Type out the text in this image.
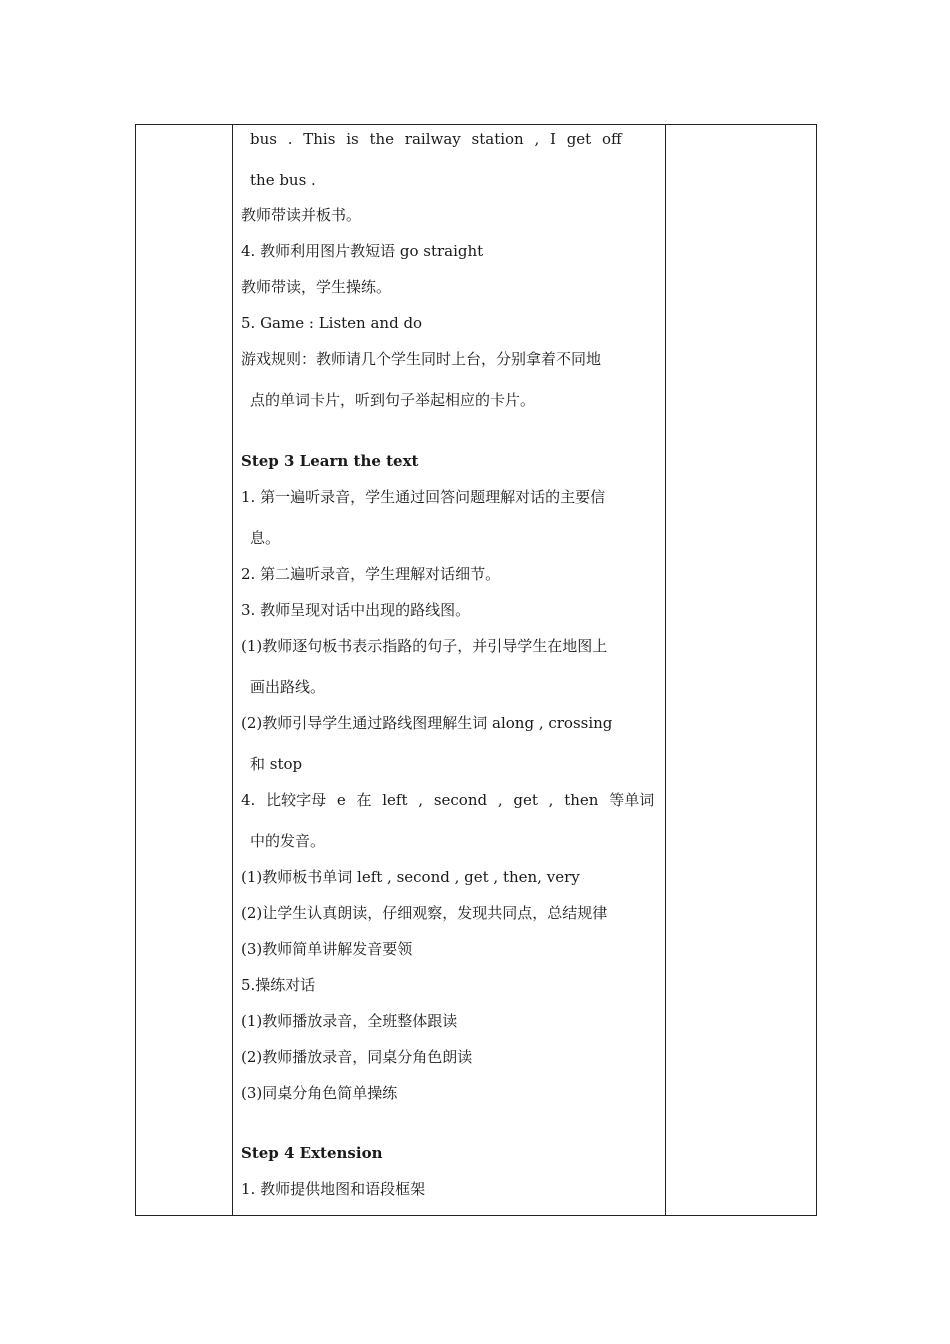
bus . This is the railway station , I get off
the bus .
教师带读并板书。
4. 教师利用图片教短语 go straight
教师带读，学生操练。
5. Game : Listen and do
游戏规则：教师请几个学生同时上台，分别拿着不同地
点的单词卡片，听到句子举起相应的卡片。
Step 3 Learn the text
1. 第一遍听录音，学生通过回答问题理解对话的主要信
息。
2. 第二遍听录音，学生理解对话细节。
3. 教师呈现对话中出现的路线图。
(1)教师逐句板书表示指路的句子，并引导学生在地图上
画出路线。
(2)教师引导学生通过路线图理解生词 along , crossing
和 stop
4. 比较字母 e 在 left , second , get , then 等单词
中的发音。
(1)教师板书单词 left , second , get , then, very
(2)让学生认真朗读，仔细观察，发现共同点，总结规律
(3)教师简单讲解发音要领
5.操练对话
(1)教师播放录音，全班整体跟读
(2)教师播放录音，同桌分角色朗读
(3)同桌分角色简单操练
Step 4 Extension
1. 教师提供地图和语段框架
